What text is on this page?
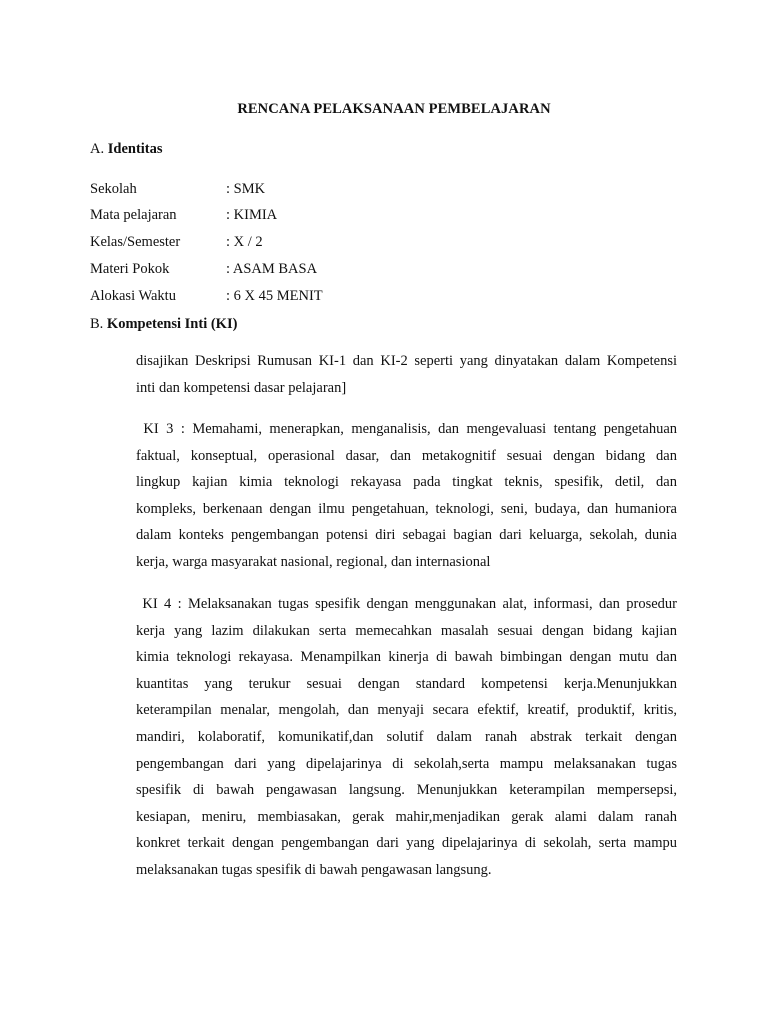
RENCANA PELAKSANAAN PEMBELAJARAN
A. Identitas
Sekolah	: SMK
Mata pelajaran	: KIMIA
Kelas/Semester	: X / 2
Materi Pokok	: ASAM BASA
Alokasi Waktu	: 6 X 45 MENIT
B. Kompetensi Inti (KI)
disajikan Deskripsi Rumusan KI-1 dan KI-2 seperti yang dinyatakan dalam Kompetensi
inti dan kompetensi dasar pelajaran]
KI 3 : Memahami, menerapkan, menganalisis, dan mengevaluasi tentang pengetahuan
faktual, konseptual, operasional dasar, dan metakognitif sesuai dengan bidang dan
lingkup kajian kimia teknologi rekayasa pada tingkat teknis, spesifik, detil, dan
kompleks, berkenaan dengan ilmu pengetahuan, teknologi, seni, budaya, dan humaniora
dalam konteks pengembangan potensi diri sebagai bagian dari keluarga, sekolah, dunia
kerja, warga masyarakat nasional, regional, dan internasional
KI 4 : Melaksanakan tugas spesifik dengan menggunakan alat, informasi, dan prosedur
kerja yang lazim dilakukan serta memecahkan masalah sesuai dengan bidang kajian
kimia teknologi rekayasa. Menampilkan kinerja di bawah bimbingan dengan mutu dan
kuantitas yang terukur sesuai dengan standard kompetensi kerja.Menunjukkan
keterampilan menalar, mengolah, dan menyaji secara efektif, kreatif, produktif, kritis,
mandiri, kolaboratif, komunikatif,dan solutif dalam ranah abstrak terkait dengan
pengembangan dari yang dipelajarinya di sekolah,serta mampu melaksanakan tugas
spesifik di bawah pengawasan langsung. Menunjukkan keterampilan mempersepsi,
kesiapan, meniru, membiasakan, gerak mahir,menjadikan gerak alami dalam ranah
konkret terkait dengan pengembangan dari yang dipelajarinya di sekolah, serta mampu
melaksanakan tugas spesifik di bawah pengawasan langsung.
